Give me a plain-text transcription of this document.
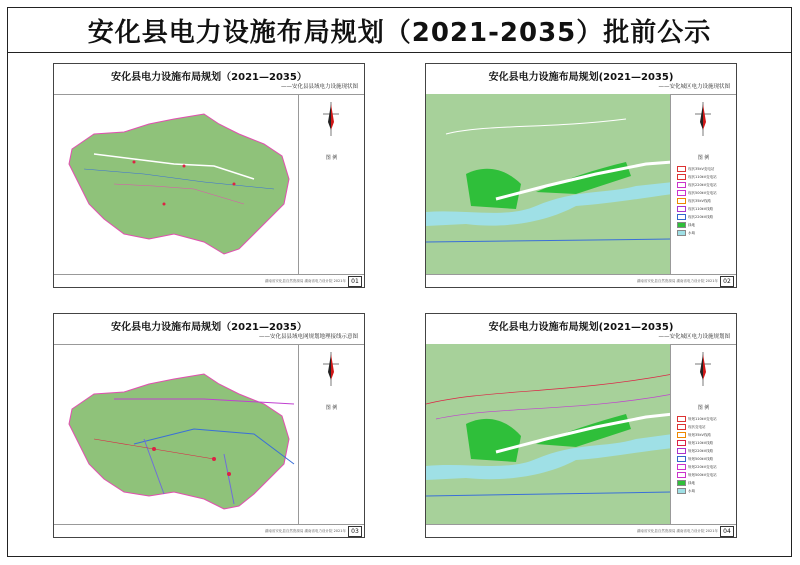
安化县电力设施布局规划（2021-2035）批前公示
安化县电力设施布局规划（2021—2035）
——安化县县域电力设施现状图
图 例
湖南省安化县自然资源局 湖南省电力设计院 2021年 01
安化县电力设施布局规划(2021—2035)
——安化城区电力设施现状图
图 例
现状35kV变电站
现状110kV变电站
现状220kV变电站
现状500kV变电站
现状35kV线路
现状110kV线路
现状220kV线路
绿地
水域
湖南省安化县自然资源局 湖南省电力设计院 2021年 02
安化县电力设施布局规划（2021—2035）
——安化县县域电网规划地理接线示意图
图 例
湖南省安化县自然资源局 湖南省电力设计院 2021年 03
安化县电力设施布局规划(2021—2035)
——安化城区电力设施规划图
图 例
规划110kV变电站
现状变电站
规划35kV线路
规划110kV线路
规划220kV线路
规划500kV线路
规划220kV变电站
规划500kV变电站
绿地
水域
湖南省安化县自然资源局 湖南省电力设计院 2021年 04
